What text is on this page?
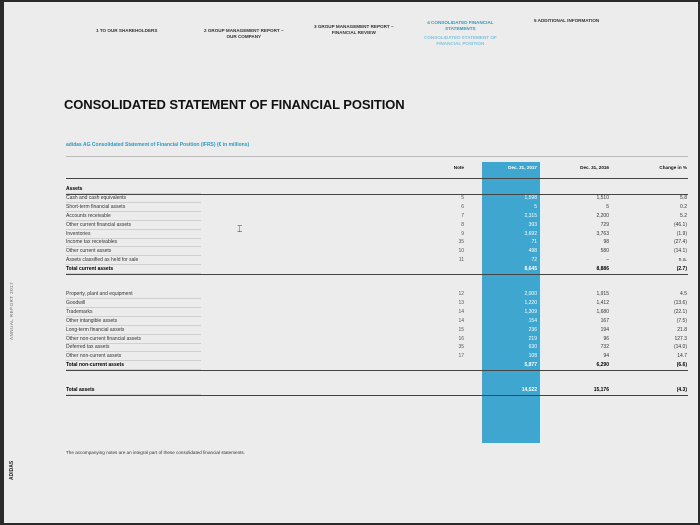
1 TO OUR SHAREHOLDERS	2 GROUP MANAGEMENT REPORT –
OUR COMPANY
3 GROUP MANAGEMENT REPORT –
FINANCIAL REVIEW
4 CONSOLIDATED FINANCIAL
STATEMENTS
CONSOLIDATED STATEMENT OF
FINANCIAL POSITION
5 ADDITIONAL INFORMATION
CONSOLIDATED STATEMENT OF FINANCIAL POSITION
adidas AG Consolidated Statement of Financial Position (IFRS) (€ in millions)
Note	Dec. 31, 2017	Dec. 31, 2016	Change in %
Assets
Cash and cash equivalents	5	1,598	1,510	5.8
Short-term financial assets	6	5	5	0.2
Accounts receivable	7	2,315	2,200	5.2
Other current financial assets	8	393	729	(46.1)
Inventories	9	3,692	3,763	(1.9)
Income tax receivables	35	71	98	(27.4)
Other current assets	10	498	580	(14.1)
Assets classified as held for sale	11	72	–	n.a.
Total current assets	8,645	8,886	(2.7)
Property, plant and equipment	12	2,000	1,915	4.5
Goodwill	13	1,220	1,412	(13.6)
Trademarks	14	1,309	1,680	(22.1)
Other intangible assets	14	154	167	(7.5)
Long-term financial assets	15	236	194	21.8
Other non-current financial assets	16	219	96	127.3
Deferred tax assets	35	630	732	(14.0)
Other non-current assets	17	108	94	14.7
Total non-current assets	5,877	6,290	(6.6)
Total assets	14,522	15,176	(4.3)
The accompanying notes are an integral part of these consolidated financial statements.
⌶
ANNUAL REPORT 2017
ADIDAS
